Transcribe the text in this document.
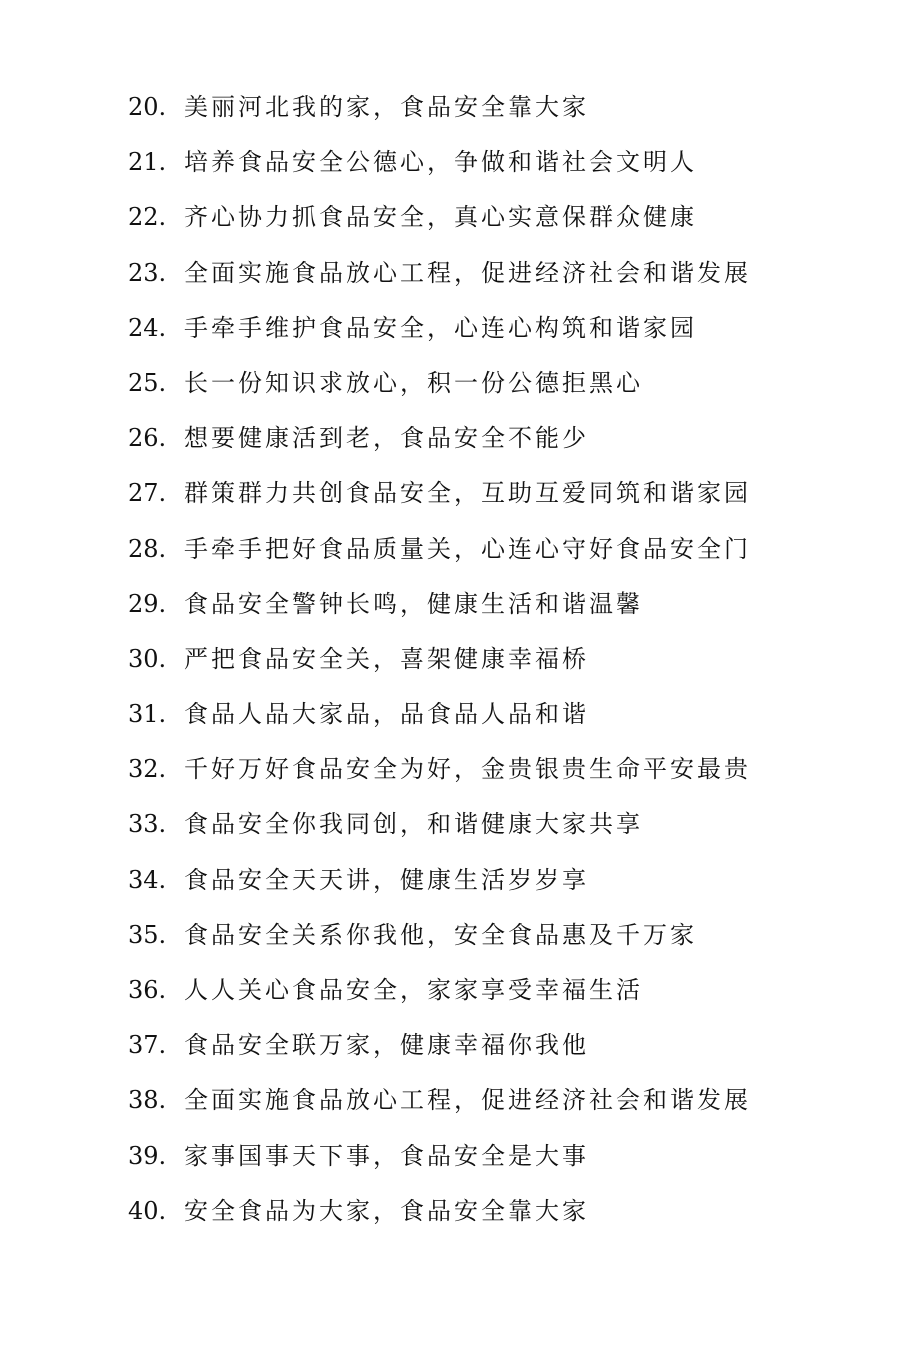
20. 美丽河北我的家，食品安全靠大家
21. 培养食品安全公德心，争做和谐社会文明人
22. 齐心协力抓食品安全，真心实意保群众健康
23. 全面实施食品放心工程，促进经济社会和谐发展
24. 手牵手维护食品安全，心连心构筑和谐家园
25. 长一份知识求放心，积一份公德拒黑心
26. 想要健康活到老，食品安全不能少
27. 群策群力共创食品安全，互助互爱同筑和谐家园
28. 手牵手把好食品质量关，心连心守好食品安全门
29. 食品安全警钟长鸣，健康生活和谐温馨
30. 严把食品安全关，喜架健康幸福桥
31. 食品人品大家品，品食品人品和谐
32. 千好万好食品安全为好，金贵银贵生命平安最贵
33. 食品安全你我同创，和谐健康大家共享
34. 食品安全天天讲，健康生活岁岁享
35. 食品安全关系你我他，安全食品惠及千万家
36. 人人关心食品安全，家家享受幸福生活
37. 食品安全联万家，健康幸福你我他
38. 全面实施食品放心工程，促进经济社会和谐发展
39. 家事国事天下事，食品安全是大事
40. 安全食品为大家，食品安全靠大家
